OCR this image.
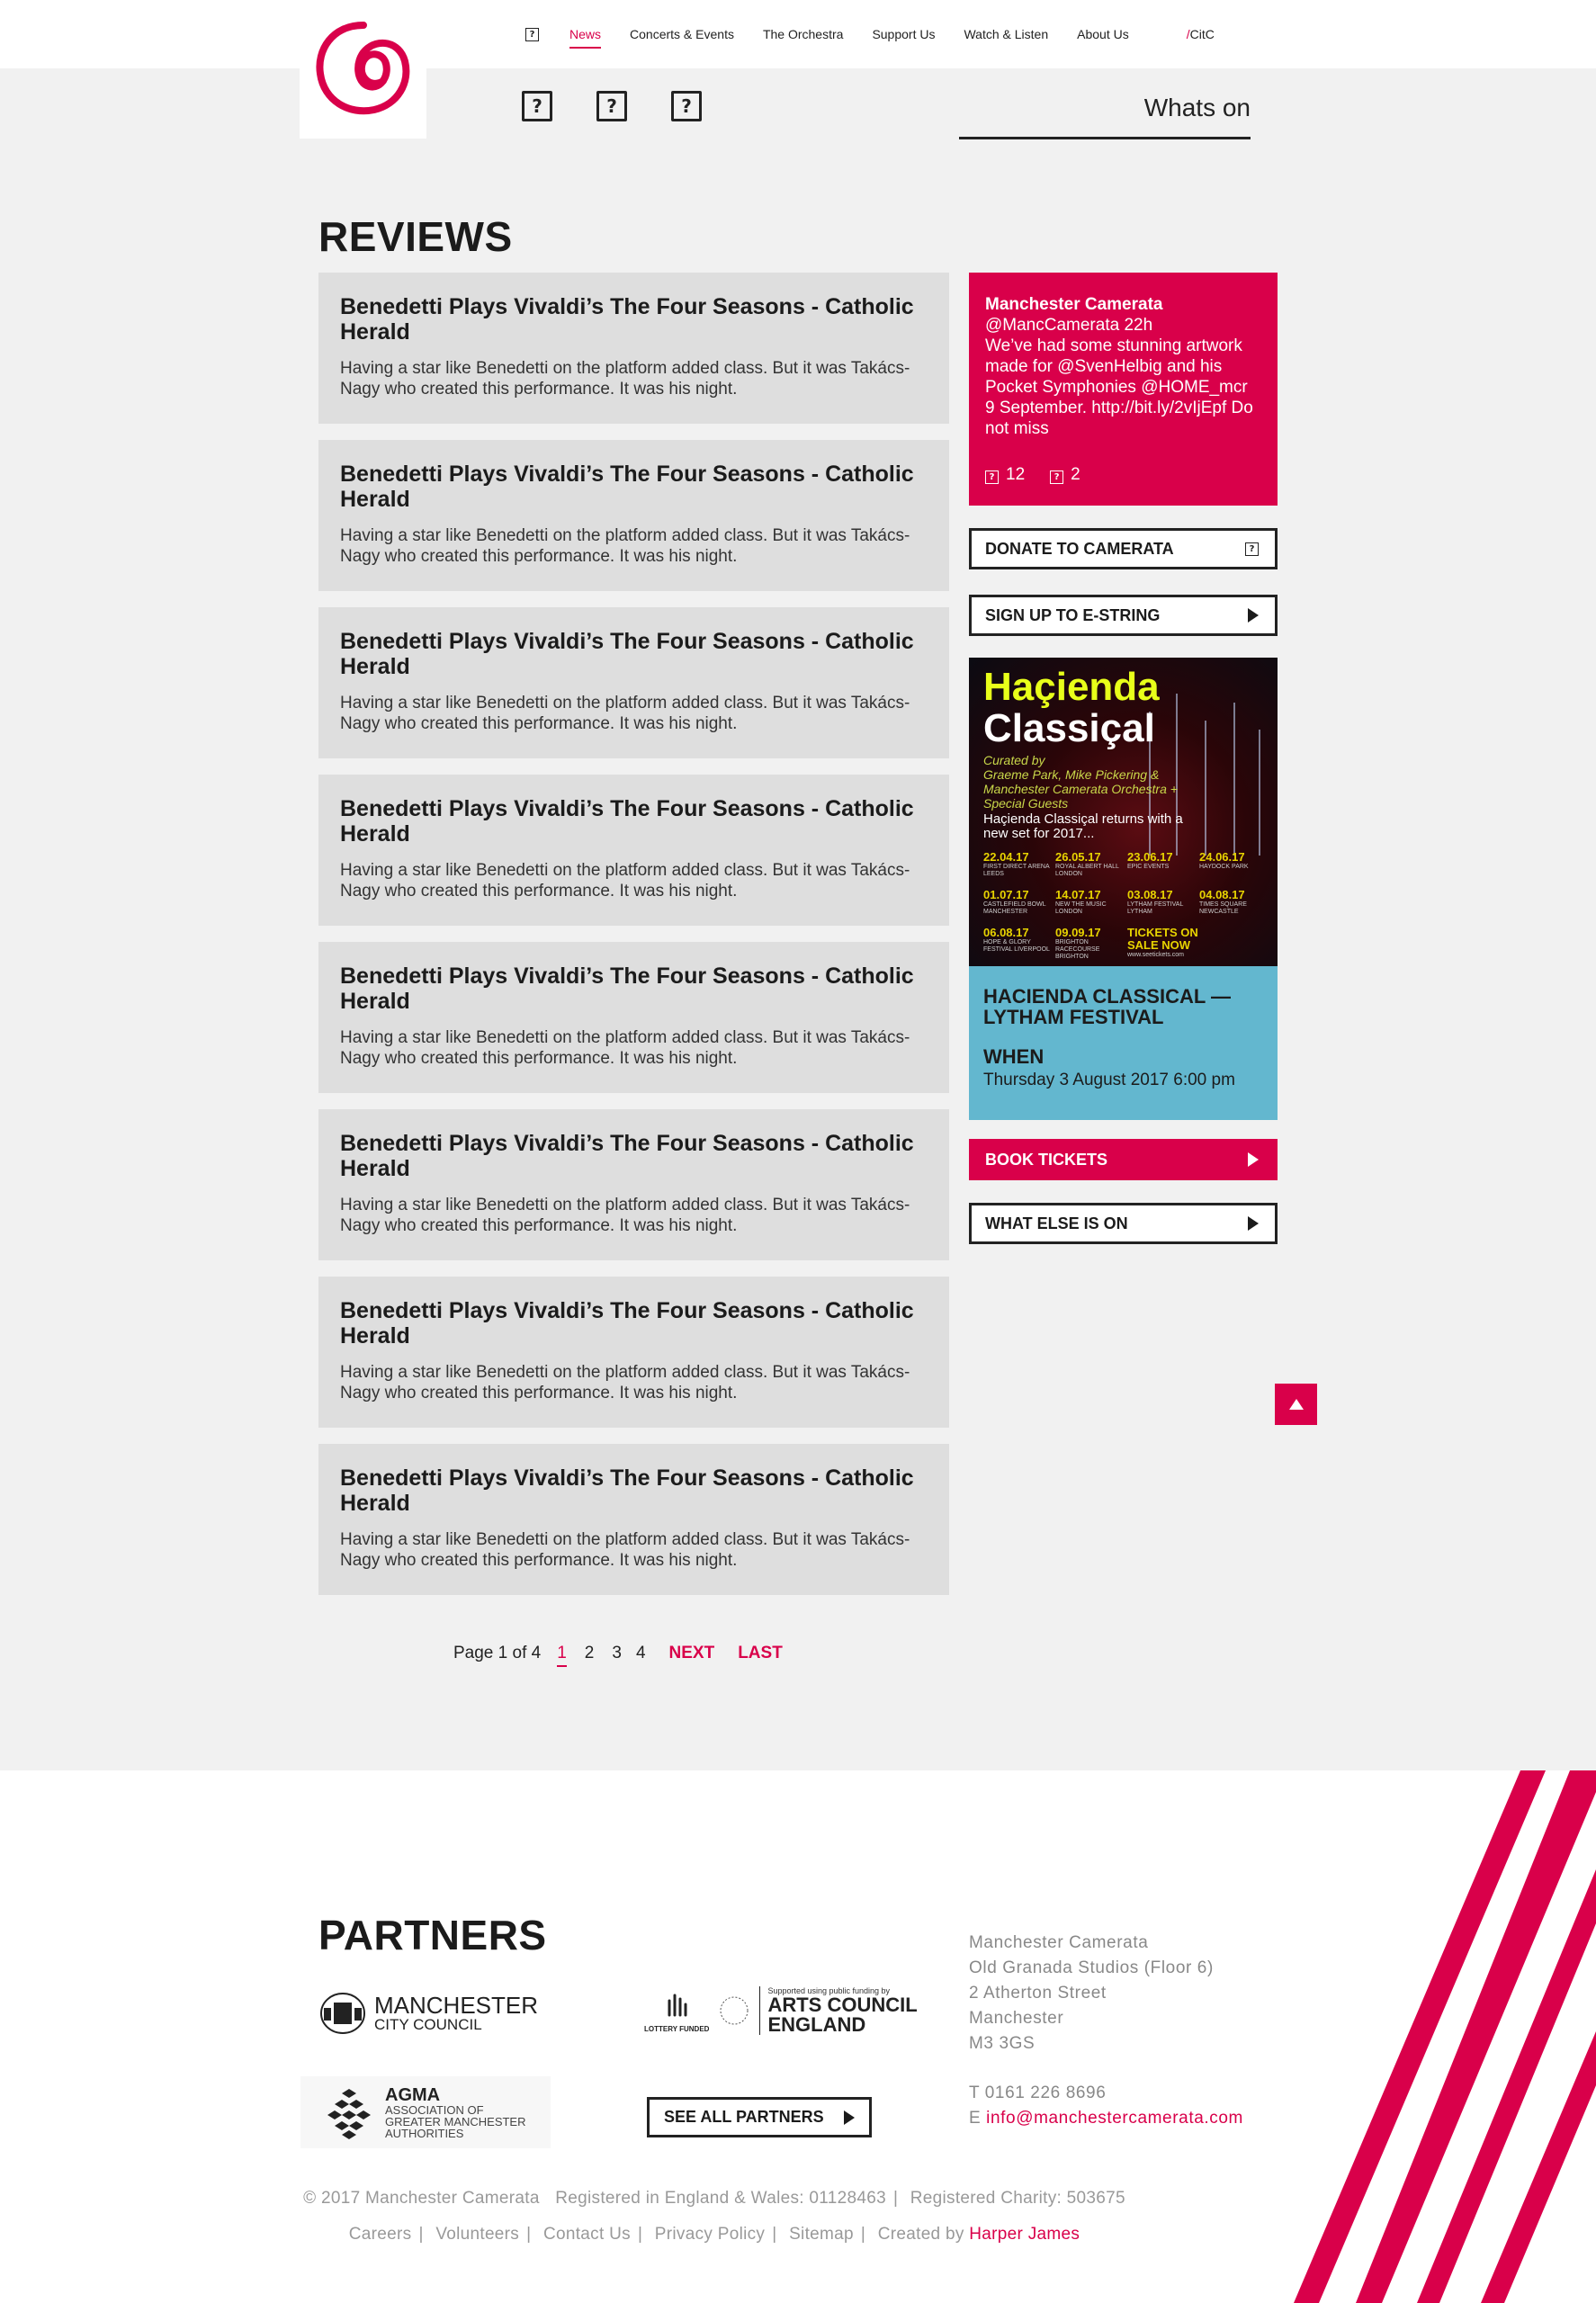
?	News Concerts & Events The Orchestra Support Us Watch & Listen About Us	/CitC
?	?	?	Whats on
REVIEWS
Benedetti Plays Vivaldi’s The Four Seasons - Catholic Herald

Having a star like Benedetti on the platform added class. But it was Takács-Nagy who created this performance. It was his night.

Benedetti Plays Vivaldi’s The Four Seasons - Catholic Herald

Having a star like Benedetti on the platform added class. But it was Takács-Nagy who created this performance. It was his night.

Benedetti Plays Vivaldi’s The Four Seasons - Catholic Herald

Having a star like Benedetti on the platform added class. But it was Takács-Nagy who created this performance. It was his night.

Benedetti Plays Vivaldi’s The Four Seasons - Catholic Herald

Having a star like Benedetti on the platform added class. But it was Takács-Nagy who created this performance. It was his night.

Benedetti Plays Vivaldi’s The Four Seasons - Catholic Herald

Having a star like Benedetti on the platform added class. But it was Takács-Nagy who created this performance. It was his night.

Benedetti Plays Vivaldi’s The Four Seasons - Catholic Herald

Having a star like Benedetti on the platform added class. But it was Takács-Nagy who created this performance. It was his night.

Benedetti Plays Vivaldi’s The Four Seasons - Catholic Herald

Having a star like Benedetti on the platform added class. But it was Takács-Nagy who created this performance. It was his night.

Benedetti Plays Vivaldi’s The Four Seasons - Catholic Herald

Having a star like Benedetti on the platform added class. But it was Takács-Nagy who created this performance. It was his night.

Page 1 of 4 1 2 3 4 NEXT LAST
Manchester Camerata
@MancCamerata 22h
We’ve had some stunning artwork made for @SvenHelbig and his Pocket Symphonies @HOME_mcr 9 September. http://bit.ly/2vIjEpf Do not miss
? 12	? 2
DONATE TO CAMERATA	?
SIGN UP TO E-STRING
Haçienda
Classiçal
Curated by
Graeme Park, Mike Pickering & Manchester Camerata Orchestra + Special Guests
Haçienda Classiçal returns with a new set for 2017...
22.04.17
FIRST DIRECT ARENA LEEDS
26.05.17
ROYAL ALBERT HALL LONDON
23.06.17
EPIC EVENTS
24.06.17
HAYDOCK PARK
01.07.17
CASTLEFIELD BOWL MANCHESTER
14.07.17
NEW THE MUSIC LONDON
03.08.17
LYTHAM FESTIVAL LYTHAM
04.08.17
TIMES SQUARE NEWCASTLE
06.08.17
HOPE & GLORY FESTIVAL LIVERPOOL
09.09.17
BRIGHTON RACECOURSE BRIGHTON
TICKETS ON SALE NOW
www.seetickets.com
HACIENDA CLASSICAL — LYTHAM FESTIVAL
WHEN
Thursday 3 August 2017 6:00 pm
BOOK TICKETS
WHAT ELSE IS ON
PARTNERS
MANCHESTER
CITY COUNCIL	LOTTERY FUNDED
Supported using public funding by
ARTS COUNCIL
ENGLAND
AGMA
ASSOCIATION OF
GREATER MANCHESTER
AUTHORITIES
SEE ALL PARTNERS
Manchester Camerata
Old Granada Studios (Floor 6)
2 Atherton Street
Manchester
M3 3GS
T 0161 226 8696
E info@manchestercamerata.com
© 2017 Manchester Camerata Registered in England & Wales: 01128463 | Registered Charity: 503675
Careers | Volunteers | Contact Us | Privacy Policy | Sitemap | Created by Harper James
